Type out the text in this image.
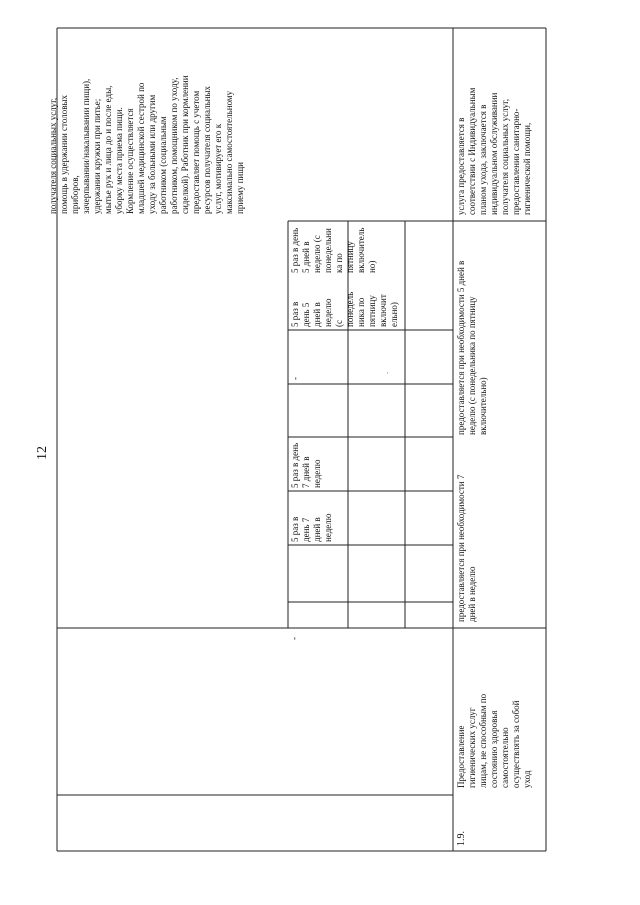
12
получателя социальных услуг, помощь в удержании столовых приборов, зачерпывании/накалывании пищи), удержании кружки при питье; мытье рук и лица до и после еды, уборку места приема пищи. Кормление осуществляется младшей медицинской сестрой по уходу за больными или другим работником (социальным работником, помощником по уходу, сиделкой). Работник при кормлении предоставляет помощь с учетом ресурсов получателя социальных услуг, мотивирует его к максимально самостоятельному приему пищи
-
5 раз в день 7 дней в неделю
5 раз в день 7 дней в неделю
-
5 раз в день 5 дней в неделю (с понедель ника по пятницу включит ельно)
5 раз в день 5 дней в неделю (с понедельни ка по пятницу включитель но)
1.9.
Предоставление гигиенических услуг лицам, не способным по состоянию здоровья самостоятельно осуществлять за собой уход
предоставляется при необходимости 7 дней в неделю
предоставляется при необходимости 5 дней в неделю (с понедельника по пятницу включительно)
услуга предоставляется в соответствии с Индивидуальным планом ухода, заключается в индивидуальном обслуживании получателя социальных услуг, предоставлении санитарно- гигиенической помощи,
·
